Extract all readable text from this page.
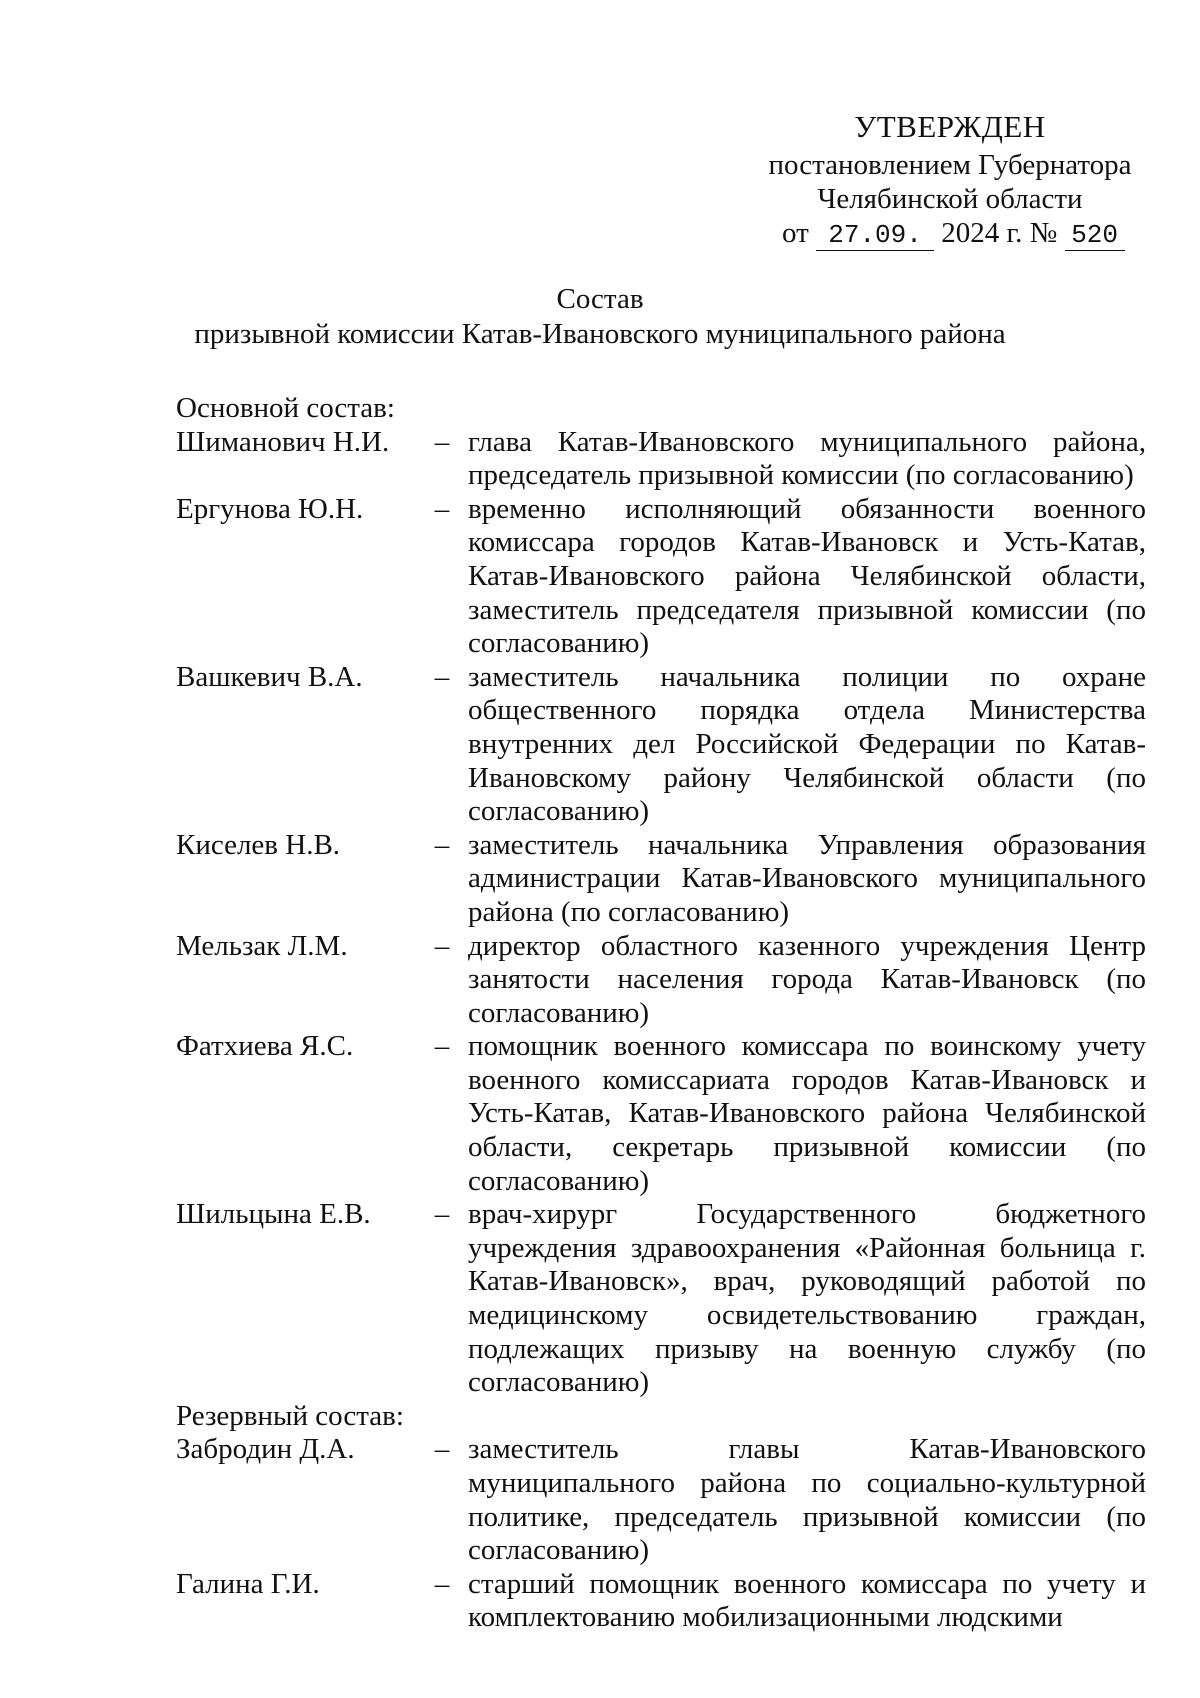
УТВЕРЖДЕН
постановлением Губернатора
Челябинской области
от 27.09. 2024 г. № 520
Состав
призывной комиссии Катав-Ивановского муниципального района
Основной состав:
Шиманович Н.И.	– глава Катав-Ивановского муниципального района, председатель призывной комиссии (по согласованию)
Ергунова Ю.Н.	– временно исполняющий обязанности военного комиссара городов Катав-Ивановск и Усть-Катав, Катав-Ивановского района Челябинской области, заместитель председателя призывной комиссии (по согласованию)
Вашкевич В.А.	– заместитель начальника полиции по охране общественного порядка отдела Министерства внутренних дел Российской Федерации по Катав-Ивановскому району Челябинской области (по согласованию)
Киселев Н.В.	– заместитель начальника Управления образования администрации Катав-Ивановского муниципального района (по согласованию)
Мельзак Л.М.	– директор областного казенного учреждения Центр занятости населения города Катав-Ивановск (по согласованию)
Фатхиева Я.С.	– помощник военного комиссара по воинскому учету военного комиссариата городов Катав-Ивановск и Усть-Катав, Катав-Ивановского района Челябинской области, секретарь призывной комиссии (по согласованию)
Шильцына Е.В.	– врач-хирург Государственного бюджетного учреждения здравоохранения «Районная больница г. Катав-Ивановск», врач, руководящий работой по медицинскому освидетельствованию граждан, подлежащих призыву на военную службу (по согласованию)
Резервный состав:
Забродин Д.А.	– заместитель главы Катав-Ивановского муниципального района по социально-культурной политике, председатель призывной комиссии (по согласованию)
Галина Г.И.	– старший помощник военного комиссара по учету и комплектованию мобилизационными людскими
